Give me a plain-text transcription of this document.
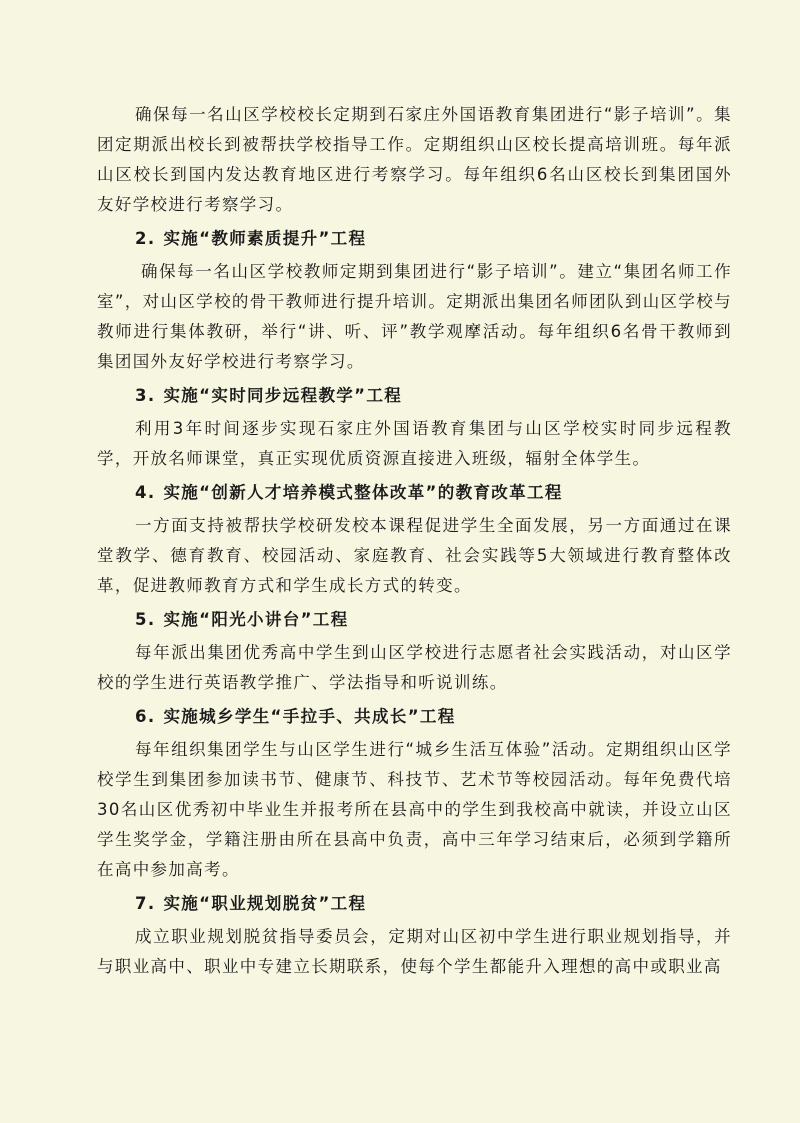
确保每一名山区学校校长定期到石家庄外国语教育集团进行“影子培训”。集团定期派出校长到被帮扶学校指导工作。定期组织山区校长提高培训班。每年派山区校长到国内发达教育地区进行考察学习。每年组织6名山区校长到集团国外友好学校进行考察学习。

2. 实施“教师素质提升”工程

确保每一名山区学校教师定期到集团进行“影子培训”。建立“集团名师工作室”，对山区学校的骨干教师进行提升培训。定期派出集团名师团队到山区学校与教师进行集体教研，举行“讲、听、评”教学观摩活动。每年组织6名骨干教师到集团国外友好学校进行考察学习。

3. 实施“实时同步远程教学”工程

利用3年时间逐步实现石家庄外国语教育集团与山区学校实时同步远程教学，开放名师课堂，真正实现优质资源直接进入班级，辐射全体学生。

4. 实施“创新人才培养模式整体改革”的教育改革工程

一方面支持被帮扶学校研发校本课程促进学生全面发展，另一方面通过在课堂教学、德育教育、校园活动、家庭教育、社会实践等5大领域进行教育整体改革，促进教师教育方式和学生成长方式的转变。

5. 实施“阳光小讲台”工程

每年派出集团优秀高中学生到山区学校进行志愿者社会实践活动，对山区学校的学生进行英语教学推广、学法指导和听说训练。

6. 实施城乡学生“手拉手、共成长”工程

每年组织集团学生与山区学生进行“城乡生活互体验”活动。定期组织山区学校学生到集团参加读书节、健康节、科技节、艺术节等校园活动。每年免费代培30名山区优秀初中毕业生并报考所在县高中的学生到我校高中就读，并设立山区学生奖学金，学籍注册由所在县高中负责，高中三年学习结束后，必须到学籍所在高中参加高考。

7. 实施“职业规划脱贫”工程

成立职业规划脱贫指导委员会，定期对山区初中学生进行职业规划指导，并与职业高中、职业中专建立长期联系，使每个学生都能升入理想的高中或职业高
